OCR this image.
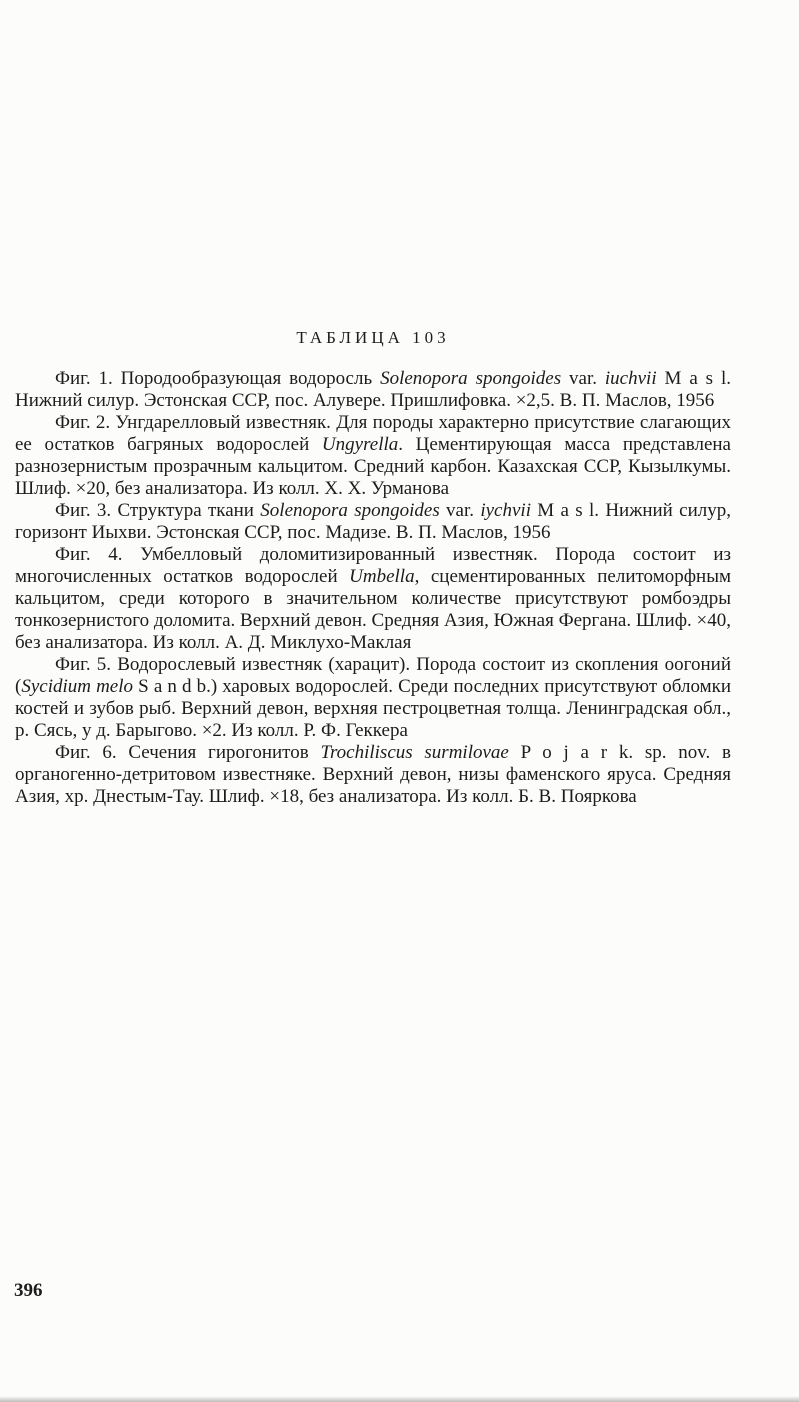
ТАБЛИЦА 103

Фиг. 1. Породообразующая водоросль Solenopora spongoides var. iuchvii M a s l. Нижний силур. Эстонская ССР, пос. Алувере. Пришлифовка. ×2,5. В. П. Маслов, 1956

Фиг. 2. Унгдарелловый известняк. Для породы характерно присутствие слагающих ее остатков багряных водорослей Ungyrella. Цементирующая масса представлена разнозернистым прозрачным кальцитом. Средний карбон. Казахская ССР, Кызылкумы. Шлиф. ×20, без анализатора. Из колл. Х. Х. Урманова

Фиг. 3. Структура ткани Solenopora spongoides var. iychvii M a s l. Нижний силур, горизонт Иыхви. Эстонская ССР, пос. Мадизе. В. П. Маслов, 1956

Фиг. 4. Умбелловый доломитизированный известняк. Порода состоит из многочисленных остатков водорослей Umbella, сцементированных пелитоморфным кальцитом, среди которого в значительном количестве присутствуют ромбоэдры тонкозернистого доломита. Верхний девон. Средняя Азия, Южная Фергана. Шлиф. ×40, без анализатора. Из колл. А. Д. Миклухо-Маклая

Фиг. 5. Водорослевый известняк (харацит). Порода состоит из скопления оогоний (Sycidium melo S a n d b.) харовых водорослей. Среди последних присутствуют обломки костей и зубов рыб. Верхний девон, верхняя пестроцветная толща. Ленинградская обл., р. Сясь, у д. Барыгово. ×2. Из колл. Р. Ф. Геккера

Фиг. 6. Сечения гирогонитов Trochiliscus surmilovae P o j a r k. sp. nov. в органогенно-детритовом известняке. Верхний девон, низы фаменского яруса. Средняя Азия, хр. Днестым-Тау. Шлиф. ×18, без анализатора. Из колл. Б. В. Пояркова

396
